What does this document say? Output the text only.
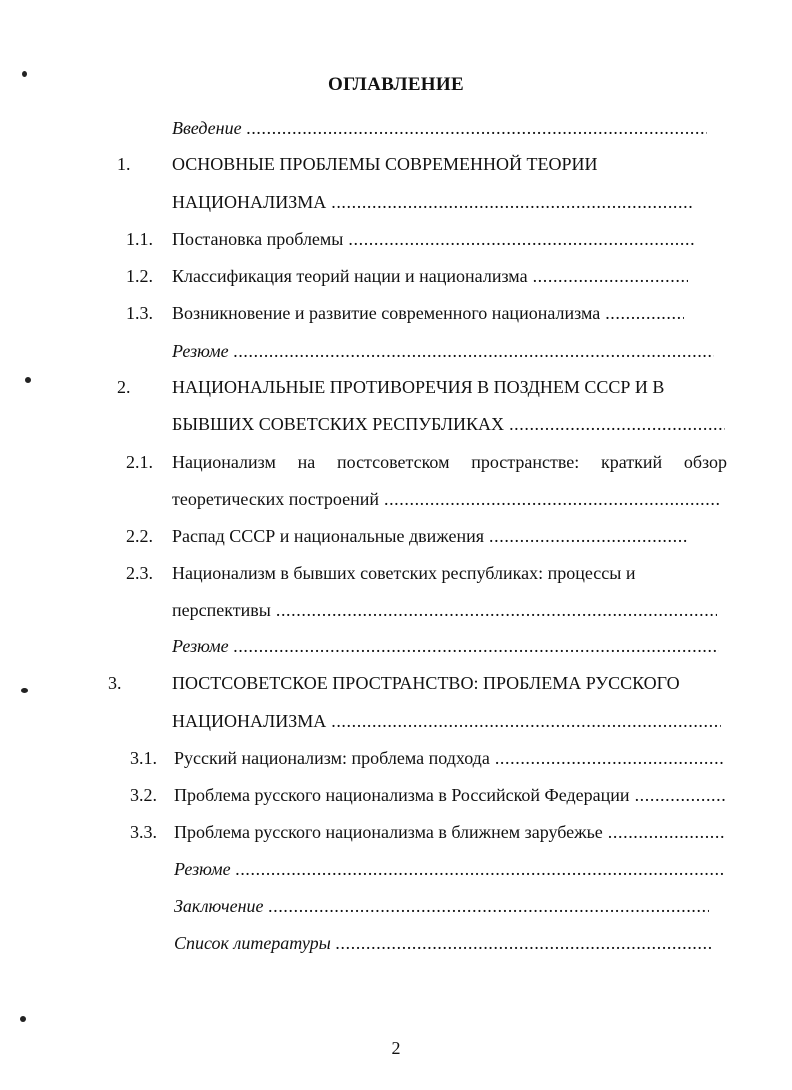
ОГЛАВЛЕНИЕ
Введение
.....
1. ОСНОВНЫЕ ПРОБЛЕМЫ СОВРЕМЕННОЙ ТЕОРИИ
НАЦИОНАЛИЗМА
.....
1.1. Постановка проблемы
.....
1.2. Классификация теорий нации и национализма
.....
1.3. Возникновение и развитие современного национализма
.....
Резюме
.....
2. НАЦИОНАЛЬНЫЕ ПРОТИВОРЕЧИЯ В ПОЗДНЕМ СССР И В
БЫВШИХ СОВЕТСКИХ РЕСПУБЛИКАХ
.....
2.1. Национализм на постсоветском пространстве: краткий обзор
теоретических построений
.....
2.2. Распад СССР и национальные движения
.....
2.3. Национализм в бывших советских республиках: процессы и
перспективы
.....
Резюме
.....
3.	ПОСТСОВЕТСКОЕ ПРОСТРАНСТВО: ПРОБЛЕМА РУССКОГО
НАЦИОНАЛИЗМА
.....
3.1. Русский национализм: проблема подхода
.....
3.2. Проблема русского национализма в Российской Федерации
.....
3.3. Проблема русского национализма в ближнем зарубежье
.....
Резюме
.....
Заключение
.....
Список литературы
.....
2
